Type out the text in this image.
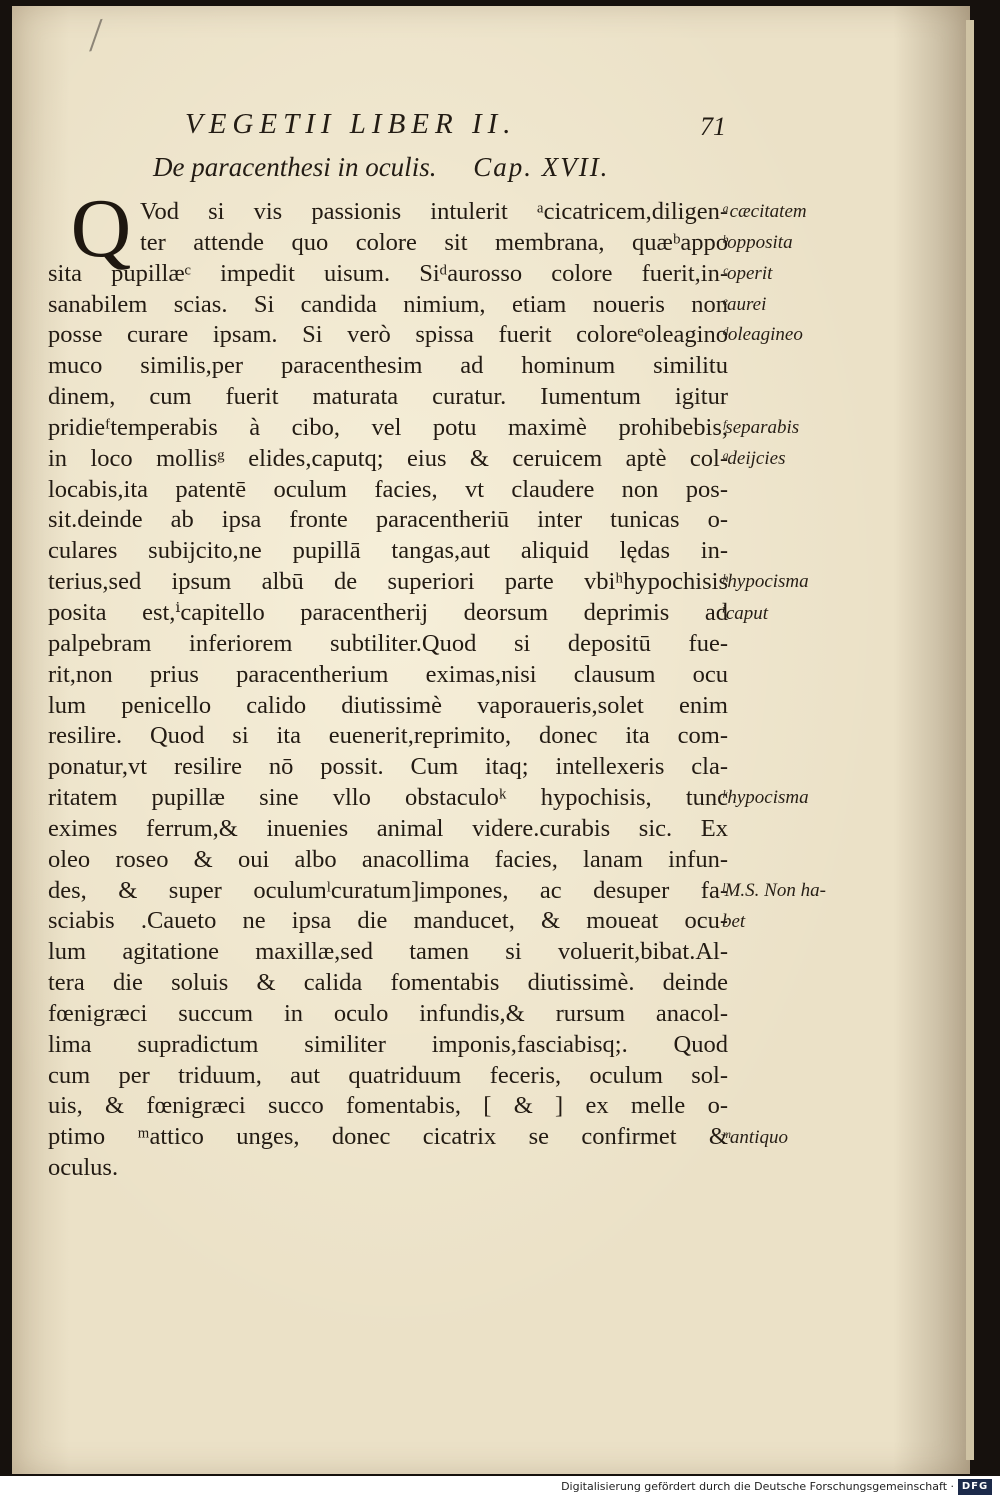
╱
VEGETII LIBER II.	71
De paracenthesi in oculis. Cap. XVII.
Q Vod si vis passionis intulerit ᵃcicatricem,diligen-
ter attende quo colore sit membrana, quæᵇappo
sita pupillæᶜ impedit uisum. Siᵈaurosso colore fuerit,in-
sanabilem scias. Si candida nimium, etiam noueris non
posse curare ipsam. Si verò spissa fuerit coloreᵉoleagino
muco similis,per paracenthesim ad hominum similitu
dinem, cum fuerit maturata curatur. Iumentum igitur
pridieᶠtemperabis à cibo, vel potu maximè prohibebis,
in loco mollisᵍ elides,caputq; eius & ceruicem aptè col-
locabis,ita patentē oculum facies, vt claudere non pos-
sit.deinde ab ipsa fronte paracentheriū inter tunicas o-
culares subijcito,ne pupillā tangas,aut aliquid lędas in-
terius,sed ipsum albū de superiori parte vbiʰhypochisis
posita est,ⁱcapitello paracentherij deorsum deprimis ad
palpebram inferiorem subtiliter.Quod si depositū fue-
rit,non prius paracentherium eximas,nisi clausum ocu
lum penicello calido diutissimè vaporaueris,solet enim
resilire. Quod si ita euenerit,reprimito, donec ita com-
ponatur,vt resilire nō possit. Cum itaq; intellexeris cla-
ritatem pupillæ sine vllo obstaculoᵏ hypochisis, tunc
eximes ferrum,& inuenies animal videre.curabis sic. Ex
oleo roseo & oui albo anacollima facies, lanam infun-
des, & super oculumˡcuratum]impones, ac desuper fa-
sciabis .Caueto ne ipsa die manducet, & moueat ocu-
lum agitatione maxillæ,sed tamen si voluerit,bibat.Al-
tera die soluis & calida fomentabis diutissimè. deinde
fœnigræci succum in oculo infundis,& rursum anacol-
lima supradictum similiter imponis,fasciabisq;. Quod
cum per triduum, aut quatriduum feceris, oculum sol-
uis, & fœnigræci succo fomentabis, [ & ] ex melle o-
ptimo ᵐattico unges, donec cicatrix se confirmet &
oculus.
ᵃcæcitatem
ᵇopposita
ᶜoperit
ᵉaurei
ᵈoleagineo
ᶠseparabis
ᵍdeijcies
ʰhypocisma
ⁱcaput
ᵏhypocisma
ˡM.S. Non ha-
bet
ᵐantiquo
Digitalisierung gefördert durch die Deutsche Forschungsgemeinschaft · DFG
